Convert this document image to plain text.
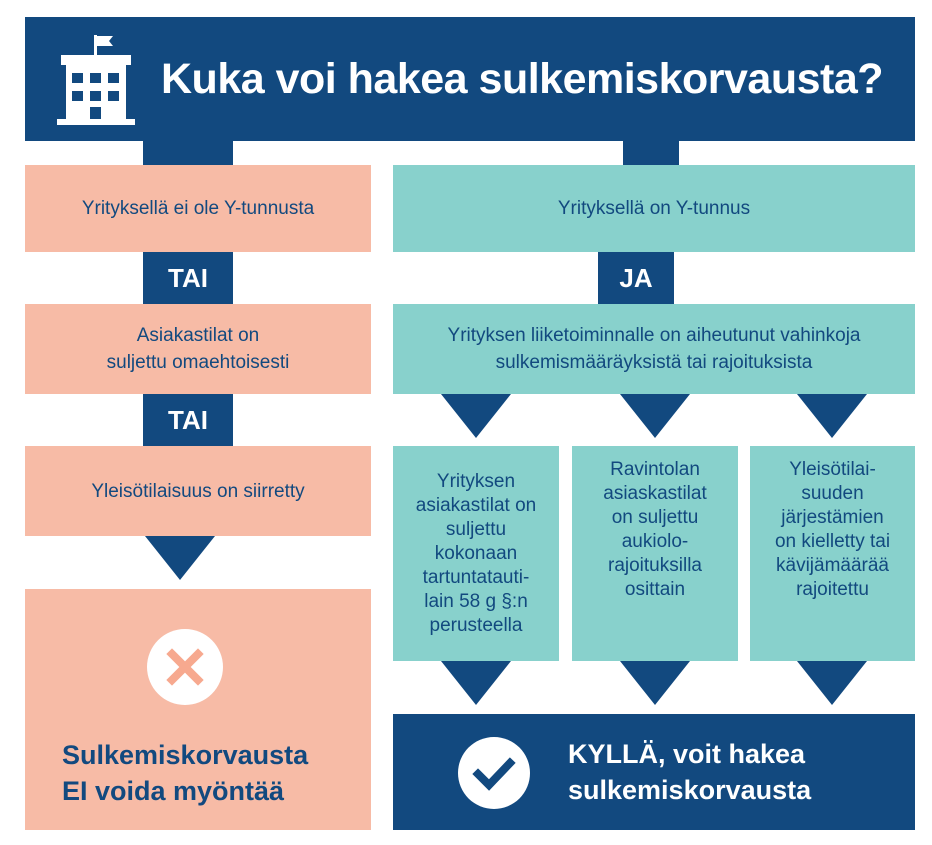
Kuka voi hakea sulkemiskorvausta?
Yrityksellä ei ole Y-tunnusta
TAI
Asiakastilat on
suljettu omaehtoisesti
TAI
Yleisötilaisuus on siirretty
Sulkemiskorvausta
EI voida myöntää
Yrityksellä on Y-tunnus
JA
Yrityksen liiketoiminnalle on aiheutunut vahinkoja
sulkemismääräyksistä tai rajoituksista
Yrityksen
asiakastilat on
suljettu
kokonaan
tartuntatauti-
lain 58 g §:n
perusteella
Ravintolan
asiaskastilat
on suljettu
aukiolo-
rajoituksilla
osittain
Yleisötilai-
suuden
järjestämien
on kielletty tai
kävijämäärää
rajoitettu
KYLLÄ, voit hakea
sulkemiskorvausta
